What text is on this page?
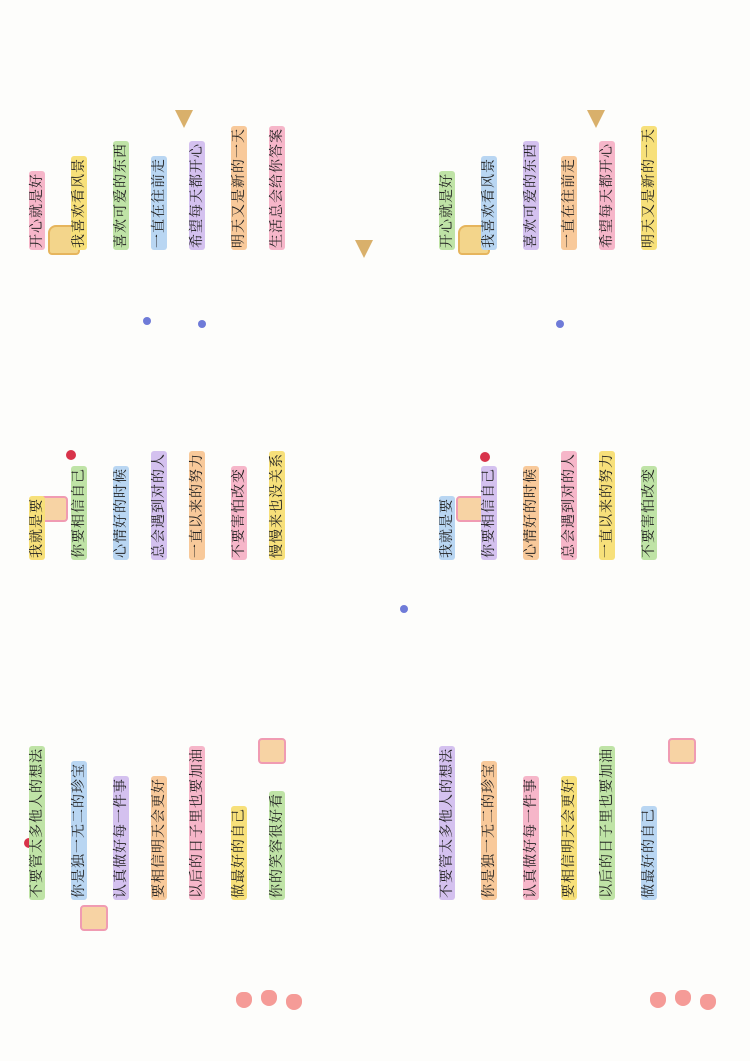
开心就是好
我就是要
不要管太多他人的想法
我喜欢看风景
你要相信自己
你是独一无二的珍宝
喜欢可爱的东西
心情好的时候
认真做好每一件事
一直在往前走
总会遇到对的人
要相信明天会更好
希望每天都开心
一直以来的努力
以后的日子里也要加油
明天又是新的一天
不要害怕改变
做最好的自己
生活总会给你答案
慢慢来也没关系
你的笑容很好看
开心就是好
我就是要
不要管太多他人的想法
我喜欢看风景
你要相信自己
你是独一无二的珍宝
喜欢可爱的东西
心情好的时候
认真做好每一件事
一直在往前走
总会遇到对的人
要相信明天会更好
希望每天都开心
一直以来的努力
以后的日子里也要加油
明天又是新的一天
不要害怕改变
做最好的自己
